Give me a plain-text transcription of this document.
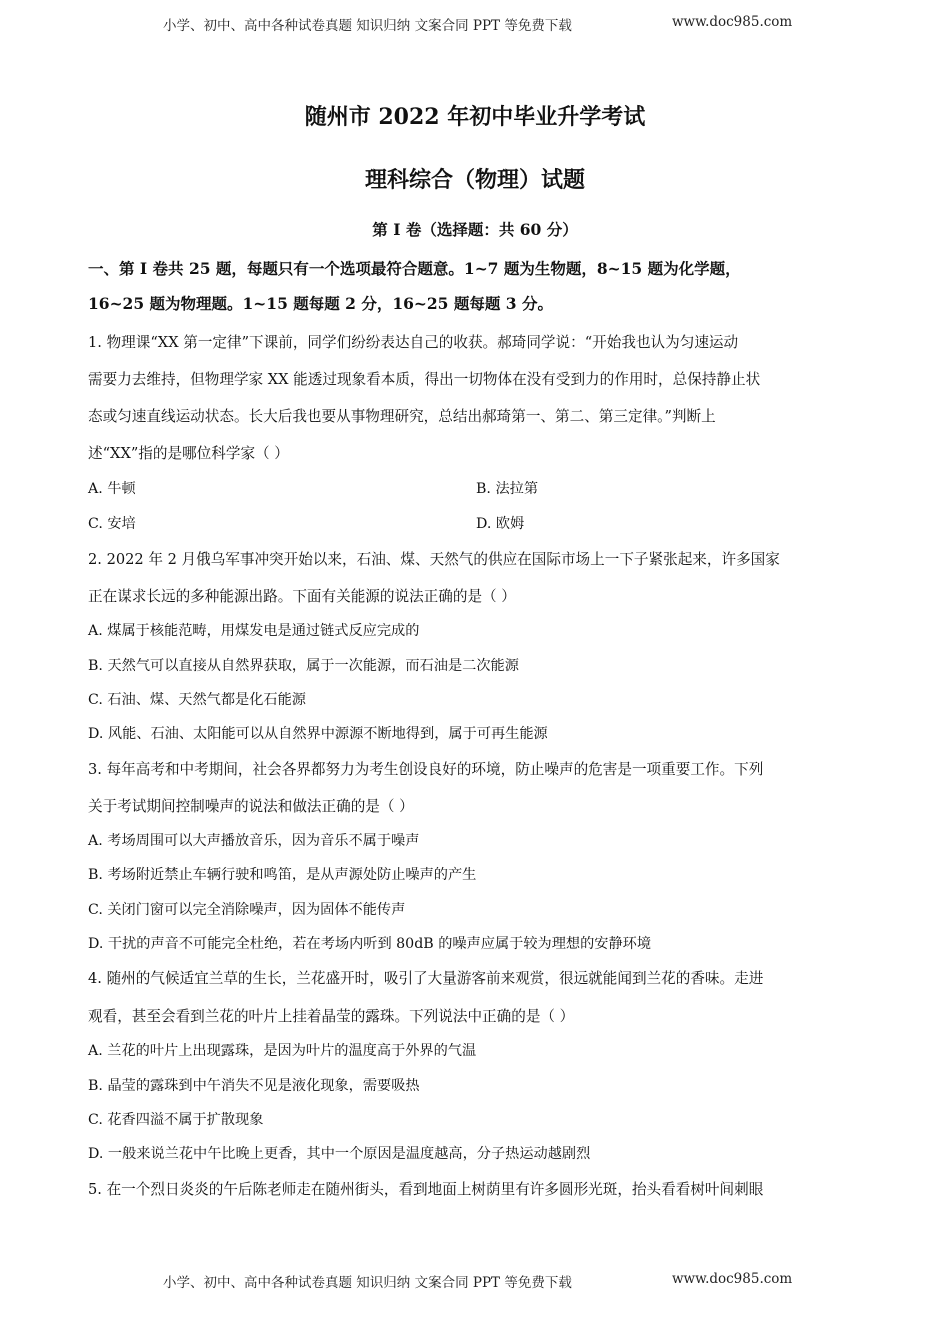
小学、初中、高中各种试卷真题 知识归纳 文案合同 PPT 等免费下载	www.doc985.com
随州市 2022 年初中毕业升学考试
理科综合（物理）试题
第 I 卷（选择题：共 60 分）
一、第 I 卷共 25 题，每题只有一个选项最符合题意。1~7 题为生物题，8~15 题为化学题，
16~25 题为物理题。1~15 题每题 2 分，16~25 题每题 3 分。
1. 物理课“XX 第一定律”下课前，同学们纷纷表达自己的收获。郝琦同学说：“开始我也认为匀速运动
需要力去维持，但物理学家 XX 能透过现象看本质，得出一切物体在没有受到力的作用时，总保持静止状
态或匀速直线运动状态。长大后我也要从事物理研究，总结出郝琦第一、第二、第三定律。”判断上
述“XX”指的是哪位科学家（ ）
A. 牛顿	B. 法拉第
C. 安培	D. 欧姆
2. 2022 年 2 月俄乌军事冲突开始以来，石油、煤、天然气的供应在国际市场上一下子紧张起来，许多国家
正在谋求长远的多种能源出路。下面有关能源的说法正确的是（ ）
A. 煤属于核能范畴，用煤发电是通过链式反应完成的
B. 天然气可以直接从自然界获取，属于一次能源，而石油是二次能源
C. 石油、煤、天然气都是化石能源
D. 风能、石油、太阳能可以从自然界中源源不断地得到，属于可再生能源
3. 每年高考和中考期间，社会各界都努力为考生创设良好的环境，防止噪声的危害是一项重要工作。下列
关于考试期间控制噪声的说法和做法正确的是（ ）
A. 考场周围可以大声播放音乐，因为音乐不属于噪声
B. 考场附近禁止车辆行驶和鸣笛，是从声源处防止噪声的产生
C. 关闭门窗可以完全消除噪声，因为固体不能传声
D. 干扰的声音不可能完全杜绝，若在考场内听到 80dB 的噪声应属于较为理想的安静环境
4. 随州的气候适宜兰草的生长，兰花盛开时，吸引了大量游客前来观赏，很远就能闻到兰花的香味。走进
观看，甚至会看到兰花的叶片上挂着晶莹的露珠。下列说法中正确的是（ ）
A. 兰花的叶片上出现露珠，是因为叶片的温度高于外界的气温
B. 晶莹的露珠到中午消失不见是液化现象，需要吸热
C. 花香四溢不属于扩散现象
D. 一般来说兰花中午比晚上更香，其中一个原因是温度越高，分子热运动越剧烈
5. 在一个烈日炎炎的午后陈老师走在随州街头，看到地面上树荫里有许多圆形光斑，抬头看看树叶间刺眼
小学、初中、高中各种试卷真题 知识归纳 文案合同 PPT 等免费下载	www.doc985.com
